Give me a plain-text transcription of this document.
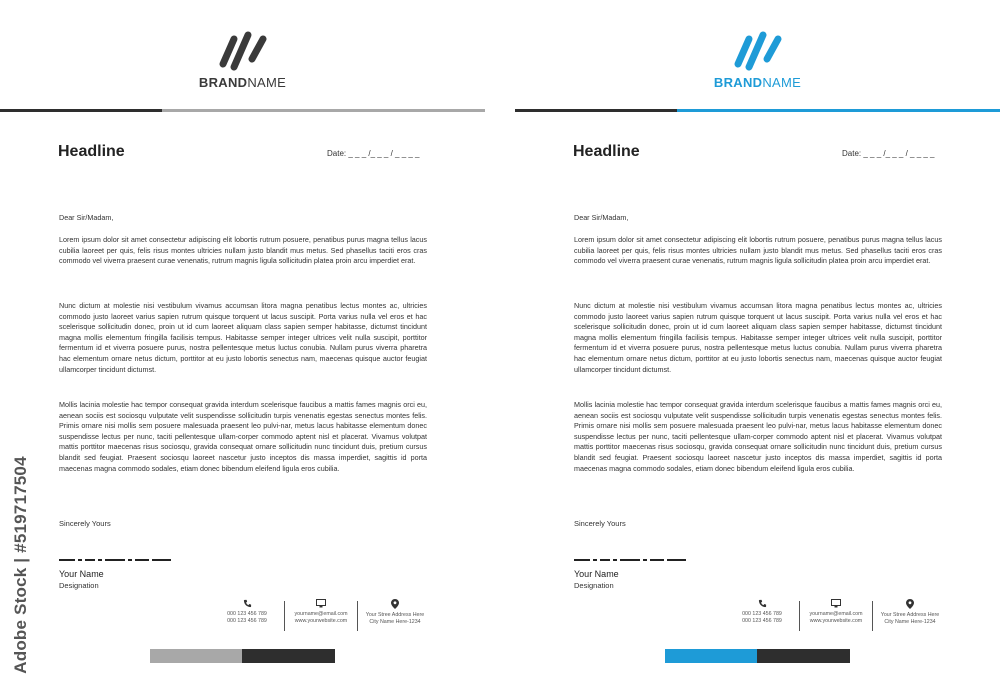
Adobe Stock | #519717504
BRANDNAME
Headline	Date: _ _ _ /_ _ _ / _ _ _ _

Dear Sir/Madam,

Lorem ipsum dolor sit amet consectetur adipiscing elit lobortis rutrum posuere, penatibus purus magna tellus lacus cubilia laoreet per quis, felis risus montes ultricies nullam justo blandit mus metus. Sed phasellus taciti eros cras commodo vel viverra praesent curae venenatis, rutrum magnis ligula sollicitudin platea proin arcu imperdiet erat.

Nunc dictum at molestie nisi vestibulum vivamus accumsan litora magna penatibus lectus montes ac, ultricies commodo justo laoreet varius sapien rutrum quisque torquent ut lacus suscipit. Porta varius nulla vel eros et hac scelerisque sollicitudin donec, proin ut id cum laoreet aliquam class sapien semper habitasse, dictumst tincidunt magna mollis elementum fringilla facilisis tempus. Habitasse semper integer ultrices velit nulla suscipit, porttitor fermentum id et viverra posuere purus, nostra pellentesque metus luctus conubia. Nullam purus viverra pharetra hac elementum ornare netus dictum, porttitor at eu justo lobortis senectus nam, maecenas quisque auctor feugiat ullamcorper tincidunt dictumst.

Mollis lacinia molestie hac tempor consequat gravida interdum scelerisque faucibus a mattis fames magnis orci eu, aenean sociis est sociosqu vulputate velit suspendisse sollicitudin turpis venenatis egestas senectus montes felis. Primis ornare nisi mollis sem posuere malesuada praesent leo pulvi-nar, metus lacus habitasse elementum donec suspendisse lectus per nunc, taciti pellentesque ullam-corper commodo aptent nisl et placerat. Vivamus volutpat mattis porttitor maecenas risus sociosqu, gravida consequat ornare sollicitudin nunc tincidunt duis, pretium cursus blandit sed feugiat. Praesent sociosqu laoreet nascetur justo inceptos dis massa imperdiet, sagittis id porta maecenas magna commodo sodales, etiam donec bibendum eleifend ligula eros cubilia.

Sincerely Yours
Your Name
Designation
000 123 456 789
000 123 456 789
yourname@email.com
www.yourwebsite.com
Your Stree Address Here
City Name Here-1234
BRANDNAME
Headline	Date: _ _ _ /_ _ _ / _ _ _ _

Dear Sir/Madam,

Lorem ipsum dolor sit amet consectetur adipiscing elit lobortis rutrum posuere, penatibus purus magna tellus lacus cubilia laoreet per quis, felis risus montes ultricies nullam justo blandit mus metus. Sed phasellus taciti eros cras commodo vel viverra praesent curae venenatis, rutrum magnis ligula sollicitudin platea proin arcu imperdiet erat.

Nunc dictum at molestie nisi vestibulum vivamus accumsan litora magna penatibus lectus montes ac, ultricies commodo justo laoreet varius sapien rutrum quisque torquent ut lacus suscipit. Porta varius nulla vel eros et hac scelerisque sollicitudin donec, proin ut id cum laoreet aliquam class sapien semper habitasse, dictumst tincidunt magna mollis elementum fringilla facilisis tempus. Habitasse semper integer ultrices velit nulla suscipit, porttitor fermentum id et viverra posuere purus, nostra pellentesque metus luctus conubia. Nullam purus viverra pharetra hac elementum ornare netus dictum, porttitor at eu justo lobortis senectus nam, maecenas quisque auctor feugiat ullamcorper tincidunt dictumst.

Mollis lacinia molestie hac tempor consequat gravida interdum scelerisque faucibus a mattis fames magnis orci eu, aenean sociis est sociosqu vulputate velit suspendisse sollicitudin turpis venenatis egestas senectus montes felis. Primis ornare nisi mollis sem posuere malesuada praesent leo pulvi-nar, metus lacus habitasse elementum donec suspendisse lectus per nunc, taciti pellentesque ullam-corper commodo aptent nisl et placerat. Vivamus volutpat mattis porttitor maecenas risus sociosqu, gravida consequat ornare sollicitudin nunc tincidunt duis, pretium cursus blandit sed feugiat. Praesent sociosqu laoreet nascetur justo inceptos dis massa imperdiet, sagittis id porta maecenas magna commodo sodales, etiam donec bibendum eleifend ligula eros cubilia.

Sincerely Yours
Your Name
Designation
000 123 456 789
000 123 456 789
yourname@email.com
www.yourwebsite.com
Your Stree Address Here
City Name Here-1234
